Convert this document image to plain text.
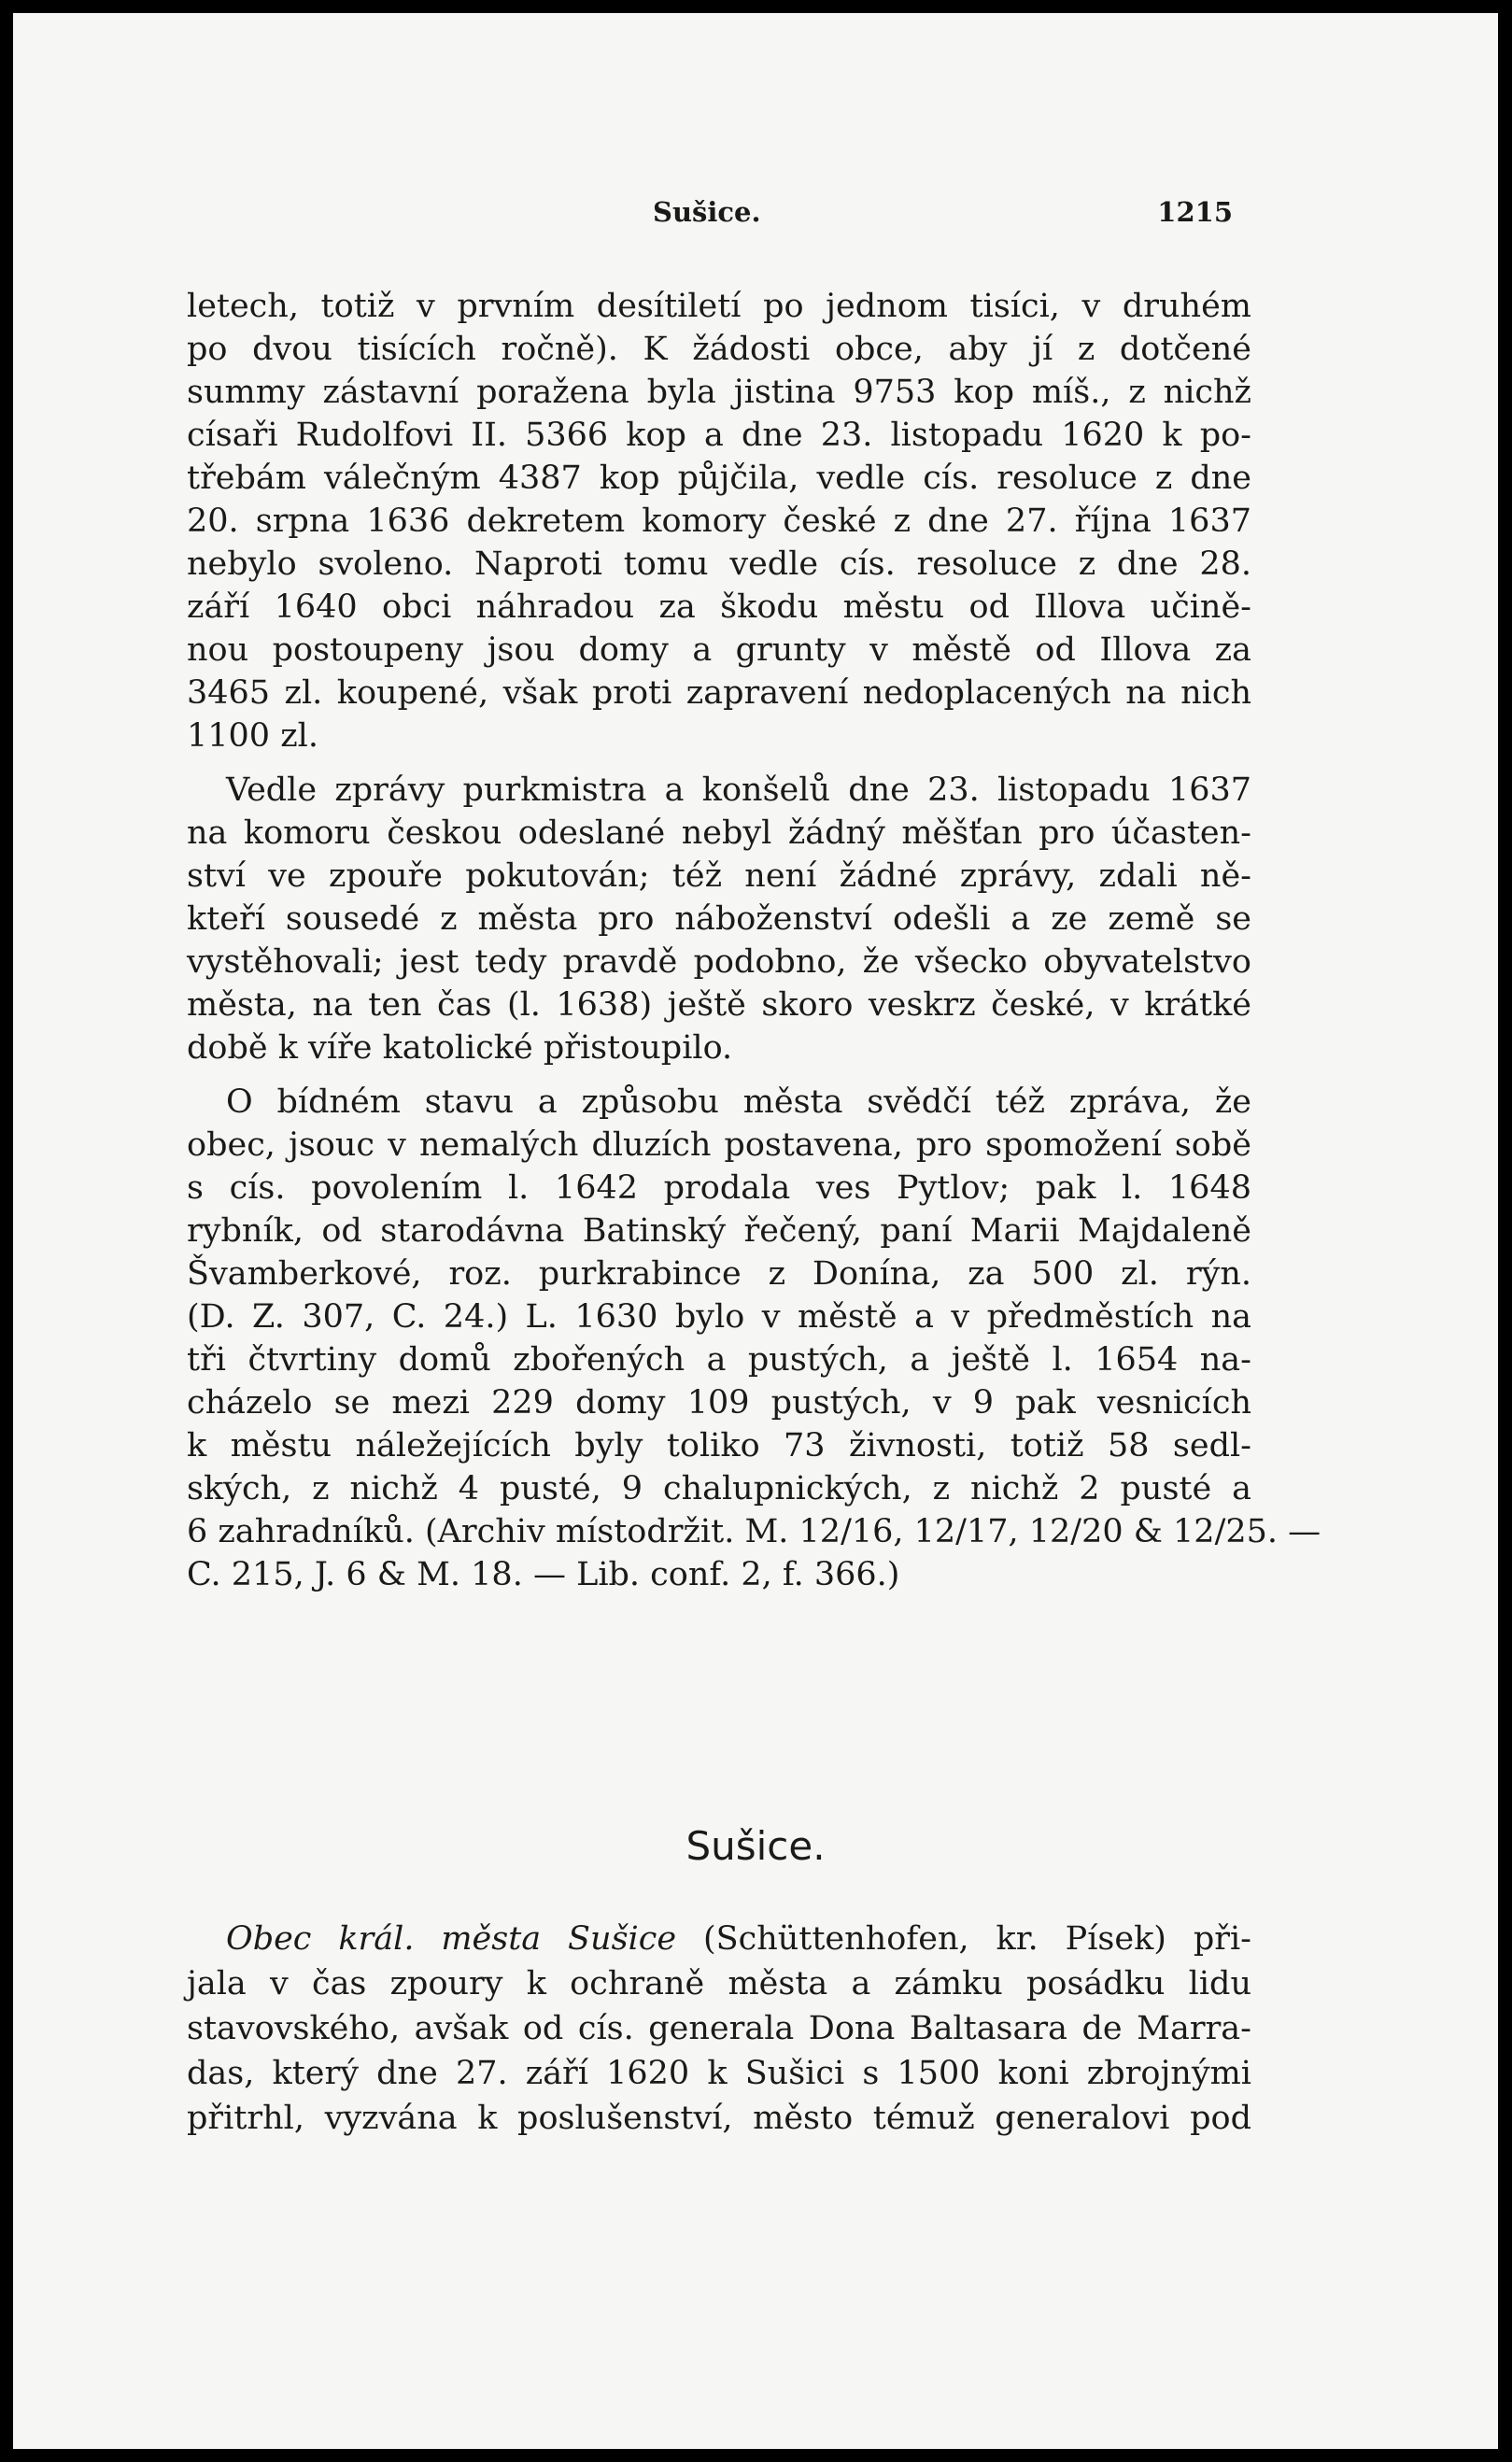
Sušice.	1215
letech, totiž v prvním desítiletí po jednom tisíci, v druhém
po dvou tisících ročně). K žádosti obce, aby jí z dotčené
summy zástavní poražena byla jistina 9753 kop míš., z nichž
císaři Rudolfovi II. 5366 kop a dne 23. listopadu 1620 k po-
třebám válečným 4387 kop půjčila, vedle cís. resoluce z dne
20. srpna 1636 dekretem komory české z dne 27. října 1637
nebylo svoleno. Naproti tomu vedle cís. resoluce z dne 28.
září 1640 obci náhradou za škodu městu od Illova učině-
nou postoupeny jsou domy a grunty v městě od Illova za
3465 zl. koupené, však proti zapravení nedoplacených na nich
1100 zl.
Vedle zprávy purkmistra a konšelů dne 23. listopadu 1637
na komoru českou odeslané nebyl žádný měšťan pro účasten-
ství ve zpouře pokutován; též není žádné zprávy, zdali ně-
kteří sousedé z města pro náboženství odešli a ze země se
vystěhovali; jest tedy pravdě podobno, že všecko obyvatelstvo
města, na ten čas (l. 1638) ještě skoro veskrz české, v krátké
době k víře katolické přistoupilo.
O bídném stavu a způsobu města svědčí též zpráva, že
obec, jsouc v nemalých dluzích postavena, pro spomožení sobě
s cís. povolením l. 1642 prodala ves Pytlov; pak l. 1648
rybník, od starodávna Batinský řečený, paní Marii Majdaleně
Švamberkové, roz. purkrabince z Donína, za 500 zl. rýn.
(D. Z. 307, C. 24.) L. 1630 bylo v městě a v předměstích na
tři čtvrtiny domů zbořených a pustých, a ještě l. 1654 na-
cházelo se mezi 229 domy 109 pustých, v 9 pak vesnicích
k městu náležejících byly toliko 73 živnosti, totiž 58 sedl-
ských, z nichž 4 pusté, 9 chalupnických, z nichž 2 pusté a
6 zahradníků. (Archiv místodržit. M. 12/16, 12/17, 12/20 & 12/25. —
C. 215, J. 6 & M. 18. — Lib. conf. 2, f. 366.)
Sušice.
Obec král. města Sušice (Schüttenhofen, kr. Písek) při-
jala v čas zpoury k ochraně města a zámku posádku lidu
stavovského, avšak od cís. generala Dona Baltasara de Marra-
das, který dne 27. září 1620 k Sušici s 1500 koni zbrojnými
přitrhl, vyzvána k poslušenství, město témuž generalovi pod
